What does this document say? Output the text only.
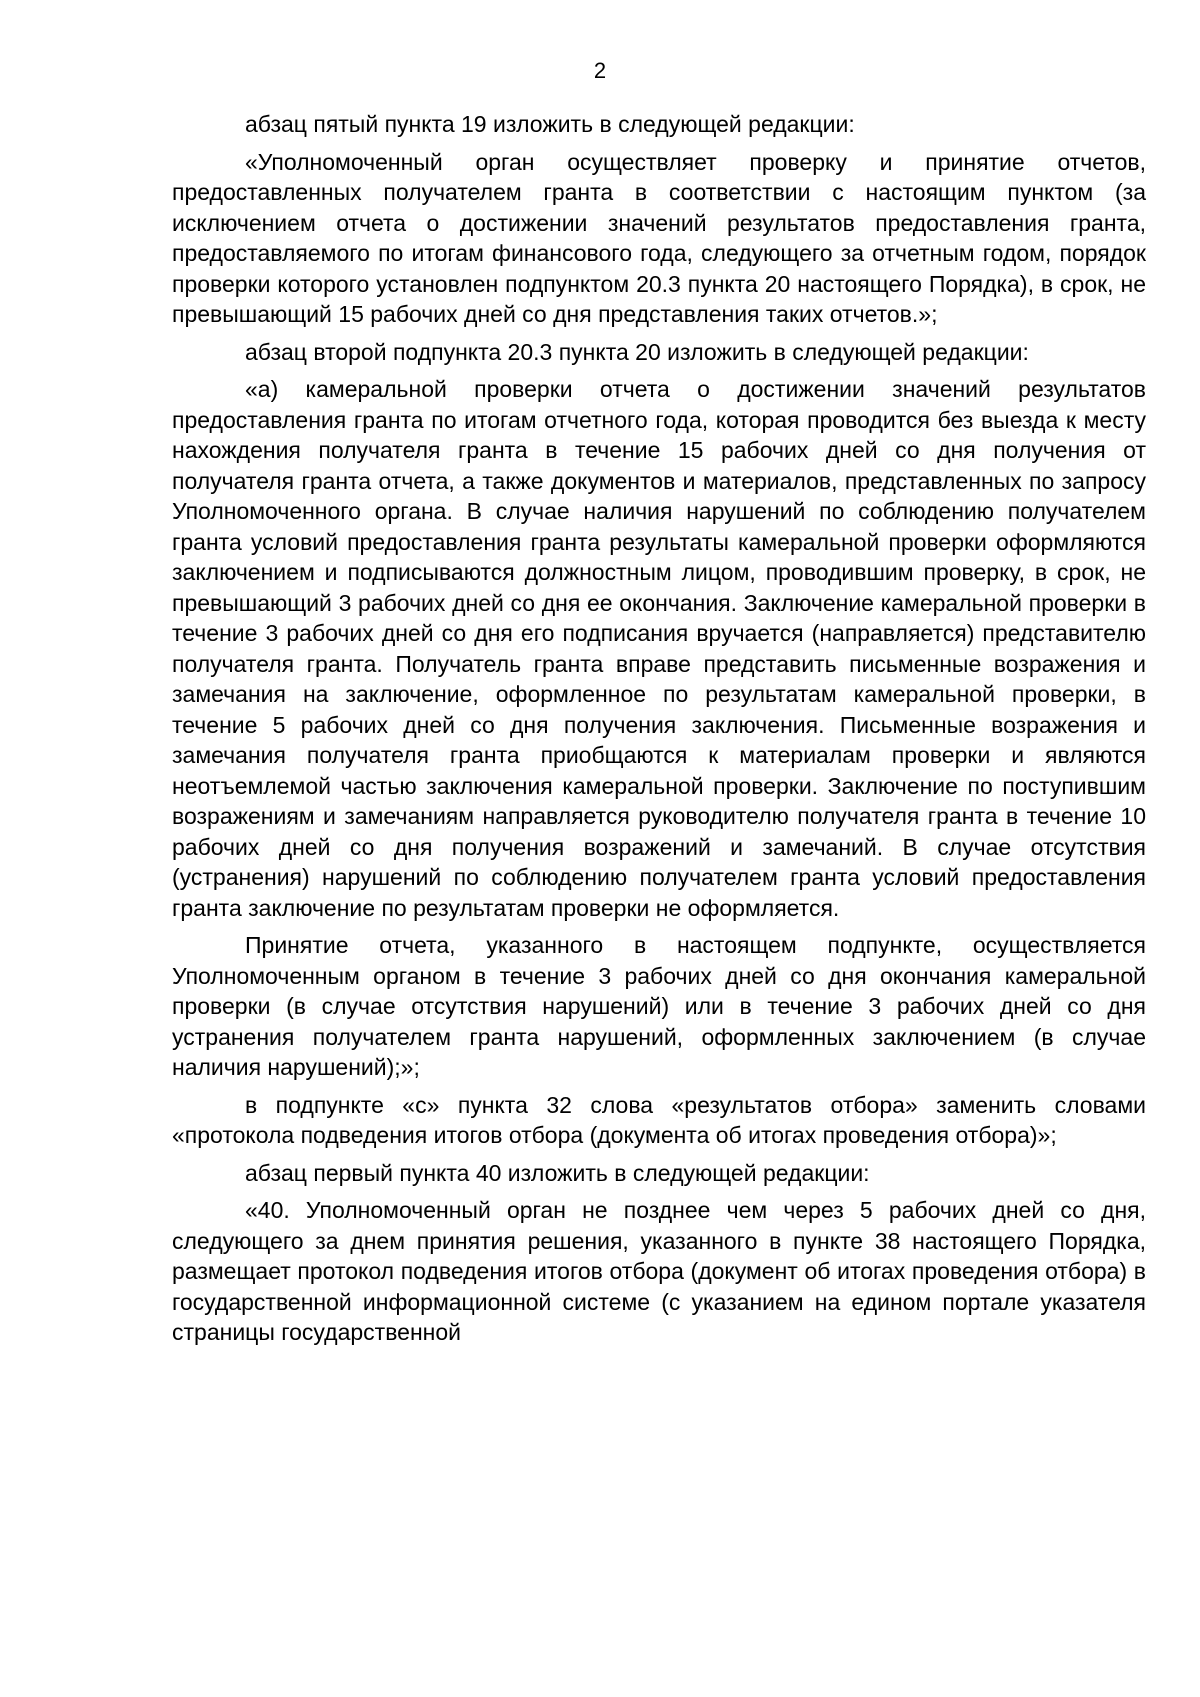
2

абзац пятый пункта 19 изложить в следующей редакции:

«Уполномоченный орган осуществляет проверку и принятие отчетов, предоставленных получателем гранта в соответствии с настоящим пунктом (за исключением отчета о достижении значений результатов предоставления гранта, предоставляемого по итогам финансового года, следующего за отчетным годом, порядок проверки которого установлен подпунктом 20.3 пункта 20 настоящего Порядка), в срок, не превышающий 15 рабочих дней со дня представления таких отчетов.»;

абзац второй подпункта 20.3 пункта 20 изложить в следующей редакции:

«а) камеральной проверки отчета о достижении значений результатов предоставления гранта по итогам отчетного года, которая проводится без выезда к месту нахождения получателя гранта в течение 15 рабочих дней со дня получения от получателя гранта отчета, а также документов и материалов, представленных по запросу Уполномоченного органа. В случае наличия нарушений по соблюдению получателем гранта условий предоставления гранта результаты камеральной проверки оформляются заключением и подписываются должностным лицом, проводившим проверку, в срок, не превышающий 3 рабочих дней со дня ее окончания. Заключение камеральной проверки в течение 3 рабочих дней со дня его подписания вручается (направляется) представителю получателя гранта. Получатель гранта вправе представить письменные возражения и замечания на заключение, оформленное по результатам камеральной проверки, в течение 5 рабочих дней со дня получения заключения. Письменные возражения и замечания получателя гранта приобщаются к материалам проверки и являются неотъемлемой частью заключения камеральной проверки. Заключение по поступившим возражениям и замечаниям направляется руководителю получателя гранта в течение 10 рабочих дней со дня получения возражений и замечаний. В случае отсутствия (устранения) нарушений по соблюдению получателем гранта условий предоставления гранта заключение по результатам проверки не оформляется.

Принятие отчета, указанного в настоящем подпункте, осуществляется Уполномоченным органом в течение 3 рабочих дней со дня окончания камеральной проверки (в случае отсутствия нарушений) или в течение 3 рабочих дней со дня устранения получателем гранта нарушений, оформленных заключением (в случае наличия нарушений);»;

в подпункте «с» пункта 32 слова «результатов отбора» заменить словами «протокола подведения итогов отбора (документа об итогах проведения отбора)»;

абзац первый пункта 40 изложить в следующей редакции:

«40. Уполномоченный орган не позднее чем через 5 рабочих дней со дня, следующего за днем принятия решения, указанного в пункте 38 настоящего Порядка, размещает протокол подведения итогов отбора (документ об итогах проведения отбора) в государственной информационной системе (с указанием на едином портале указателя страницы государственной
